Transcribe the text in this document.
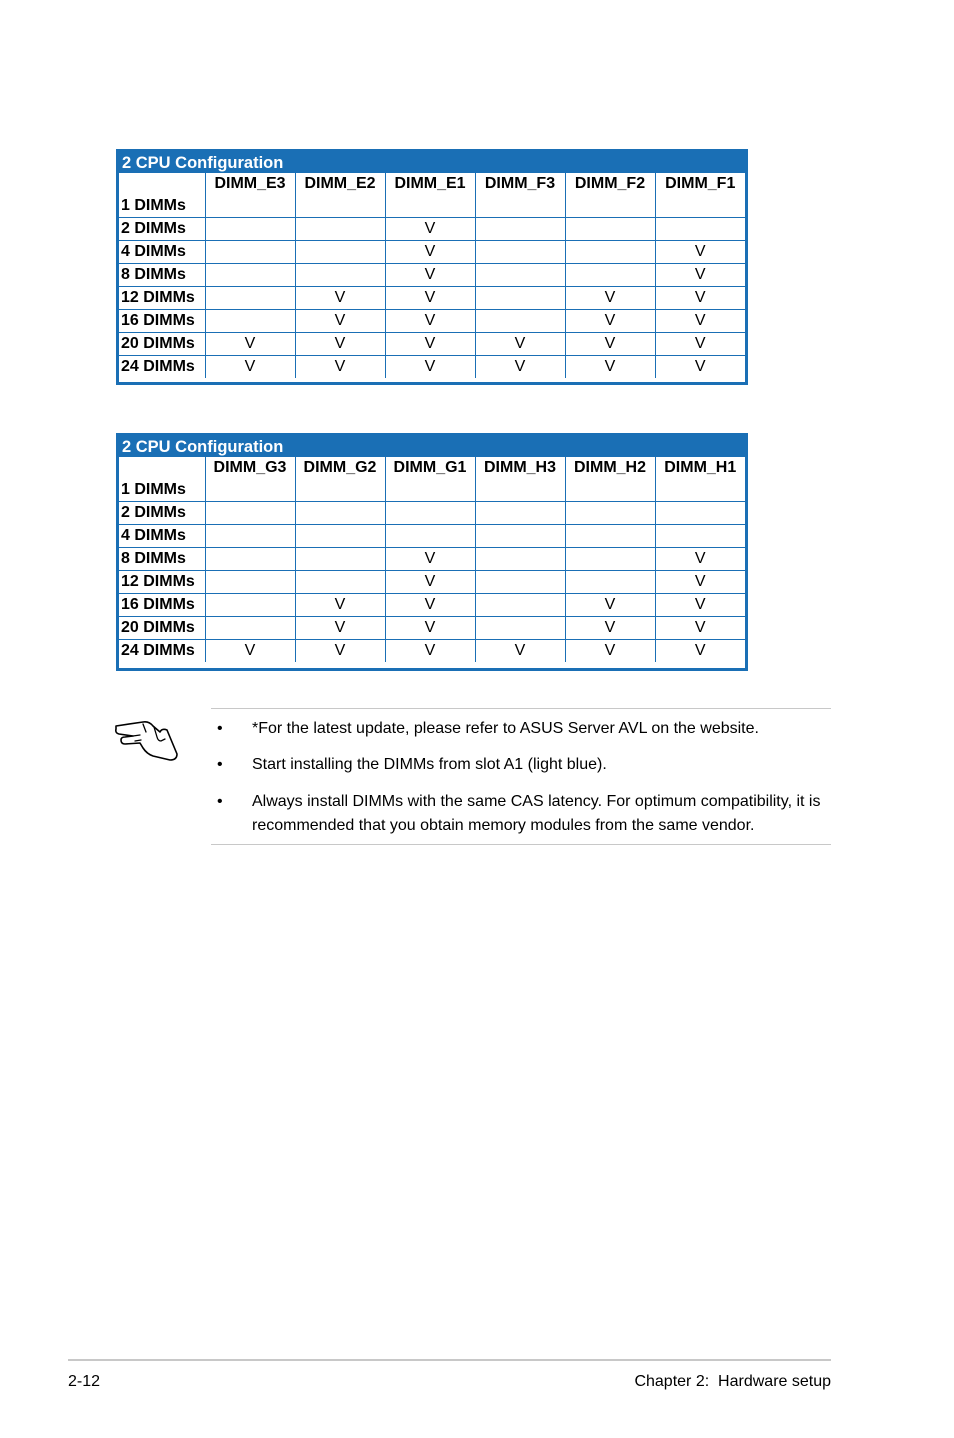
2 CPU Configuration
	DIMM_E3	DIMM_E2	DIMM_E1	DIMM_F3	DIMM_F2	DIMM_F1
1 DIMMs						
2 DIMMs			V			
4 DIMMs			V			V
8 DIMMs			V			V
12 DIMMs		V	V		V	V
16 DIMMs		V	V		V	V
20 DIMMs	V	V	V	V	V	V
24 DIMMs	V	V	V	V	V	V
2 CPU Configuration
	DIMM_G3	DIMM_G2	DIMM_G1	DIMM_H3	DIMM_H2	DIMM_H1
1 DIMMs						
2 DIMMs						
4 DIMMs						
8 DIMMs			V			V
12 DIMMs			V			V
16 DIMMs		V	V		V	V
20 DIMMs		V	V		V	V
24 DIMMs	V	V	V	V	V	V
• *For the latest update, please refer to ASUS Server AVL on the website.
• Start installing the DIMMs from slot A1 (light blue).
• Always install DIMMs with the same CAS latency. For optimum compatibility, it is recommended that you obtain memory modules from the same vendor.
2-12	Chapter 2:  Hardware setup
